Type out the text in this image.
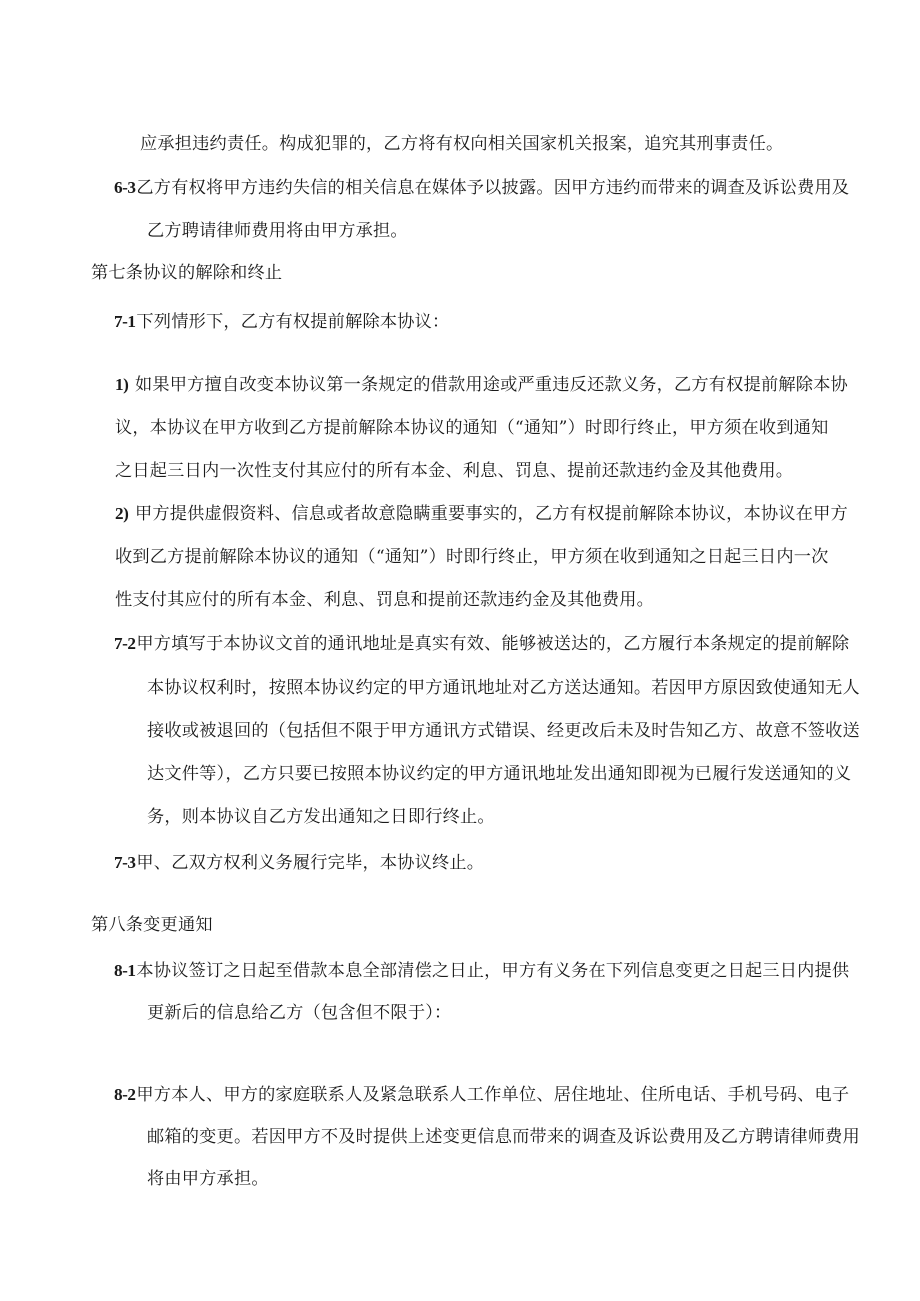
应承担违约责任。构成犯罪的，乙方将有权向相关国家机关报案，追究其刑事责任。
6-3乙方有权将甲方违约失信的相关信息在媒体予以披露。因甲方违约而带来的调查及诉讼费用及
乙方聘请律师费用将由甲方承担。
第七条协议的解除和终止
7-1下列情形下，乙方有权提前解除本协议：
1) 如果甲方擅自改变本协议第一条规定的借款用途或严重违反还款义务，乙方有权提前解除本协
议，本协议在甲方收到乙方提前解除本协议的通知（“通知”）时即行终止，甲方须在收到通知
之日起三日内一次性支付其应付的所有本金、利息、罚息、提前还款违约金及其他费用。
2) 甲方提供虚假资料、信息或者故意隐瞒重要事实的，乙方有权提前解除本协议，本协议在甲方
收到乙方提前解除本协议的通知（“通知”）时即行终止，甲方须在收到通知之日起三日内一次
性支付其应付的所有本金、利息、罚息和提前还款违约金及其他费用。
7-2甲方填写于本协议文首的通讯地址是真实有效、能够被送达的，乙方履行本条规定的提前解除
本协议权利时，按照本协议约定的甲方通讯地址对乙方送达通知。若因甲方原因致使通知无人
接收或被退回的（包括但不限于甲方通讯方式错误、经更改后未及时告知乙方、故意不签收送
达文件等），乙方只要已按照本协议约定的甲方通讯地址发出通知即视为已履行发送通知的义
务，则本协议自乙方发出通知之日即行终止。
7-3甲、乙双方权利义务履行完毕，本协议终止。
第八条变更通知
8-1本协议签订之日起至借款本息全部清偿之日止，甲方有义务在下列信息变更之日起三日内提供
更新后的信息给乙方（包含但不限于）：
8-2甲方本人、甲方的家庭联系人及紧急联系人工作单位、居住地址、住所电话、手机号码、电子
邮箱的变更。若因甲方不及时提供上述变更信息而带来的调查及诉讼费用及乙方聘请律师费用
将由甲方承担。
